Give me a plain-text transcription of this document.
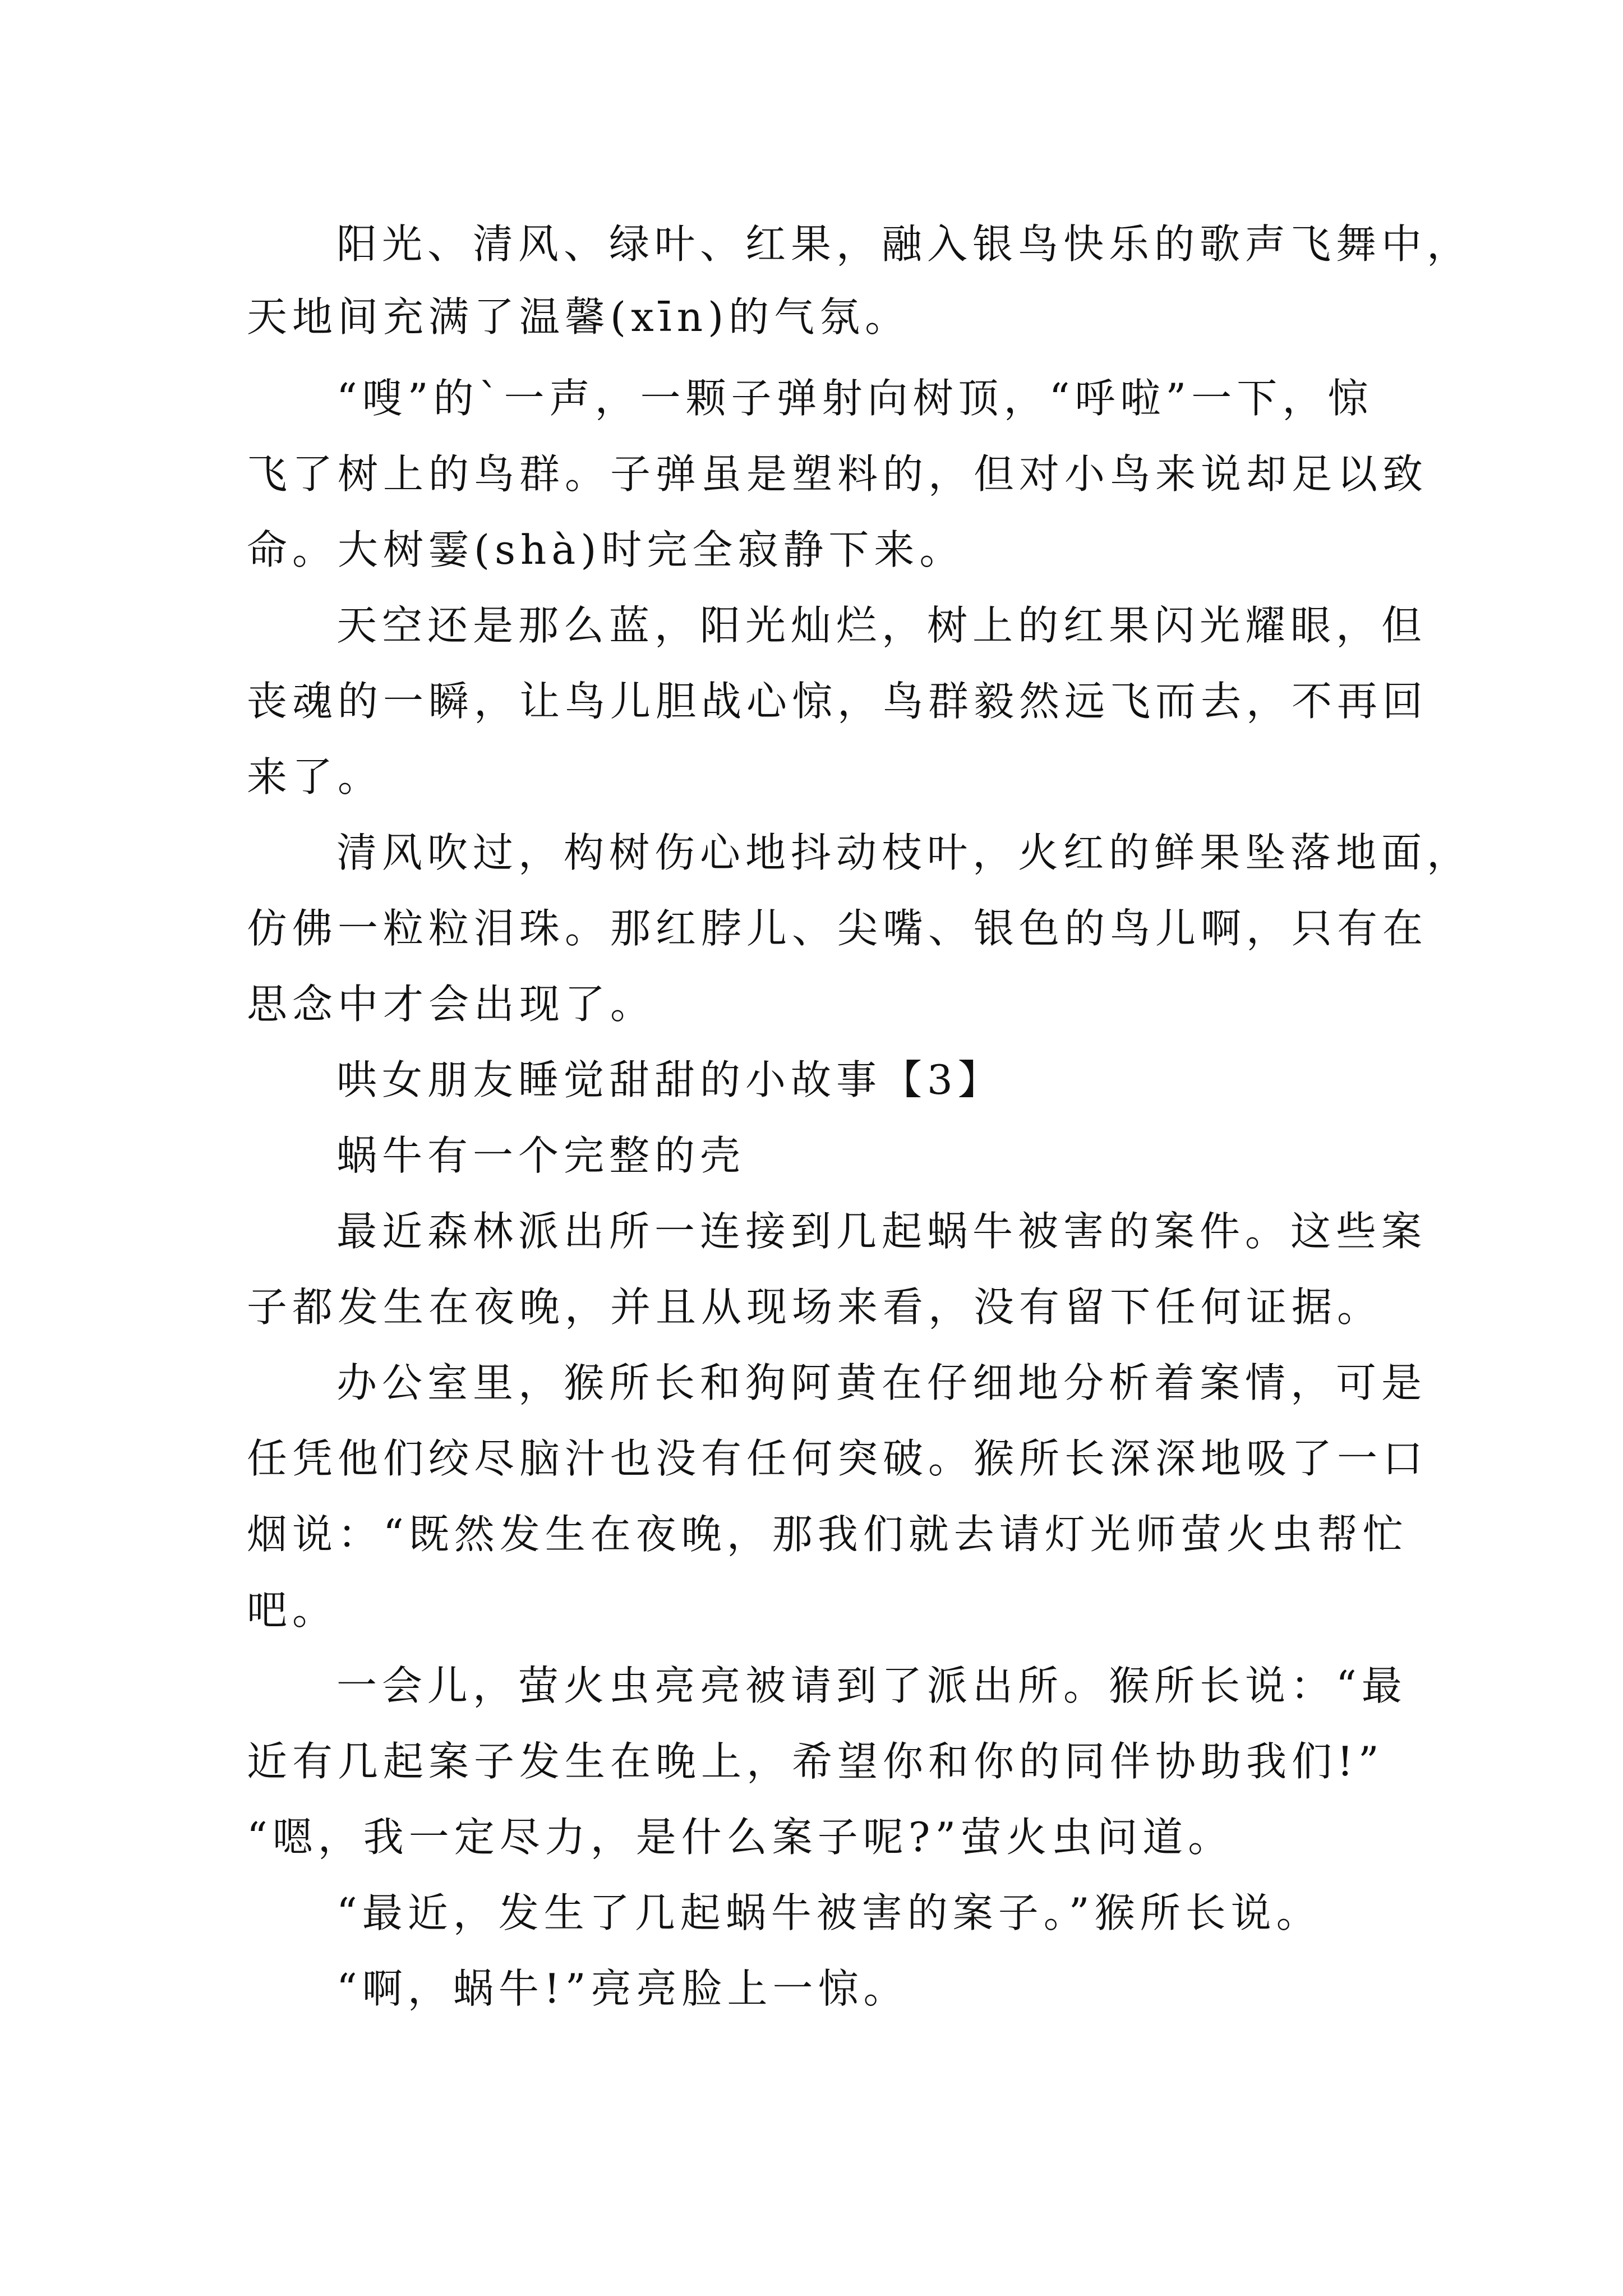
阳光、清风、绿叶、红果，融入银鸟快乐的歌声飞舞中，
天地间充满了温馨(xīn)的气氛。
“嗖”的`一声，一颗子弹射向树顶，“呼啦”一下，惊
飞了树上的鸟群。子弹虽是塑料的，但对小鸟来说却足以致
命。大树霎(shà)时完全寂静下来。
天空还是那么蓝，阳光灿烂，树上的红果闪光耀眼，但
丧魂的一瞬，让鸟儿胆战心惊，鸟群毅然远飞而去，不再回
来了。
清风吹过，构树伤心地抖动枝叶，火红的鲜果坠落地面，
仿佛一粒粒泪珠。那红脖儿、尖嘴、银色的鸟儿啊，只有在
思念中才会出现了。
哄女朋友睡觉甜甜的小故事【3】
蜗牛有一个完整的壳
最近森林派出所一连接到几起蜗牛被害的案件。这些案
子都发生在夜晚，并且从现场来看，没有留下任何证据。
办公室里，猴所长和狗阿黄在仔细地分析着案情，可是
任凭他们绞尽脑汁也没有任何突破。猴所长深深地吸了一口
烟说：“既然发生在夜晚，那我们就去请灯光师萤火虫帮忙
吧。
一会儿，萤火虫亮亮被请到了派出所。猴所长说：“最
近有几起案子发生在晚上，希望你和你的同伴协助我们!”
“嗯，我一定尽力，是什么案子呢?”萤火虫问道。
“最近，发生了几起蜗牛被害的案子。”猴所长说。
“啊，蜗牛!”亮亮脸上一惊。
